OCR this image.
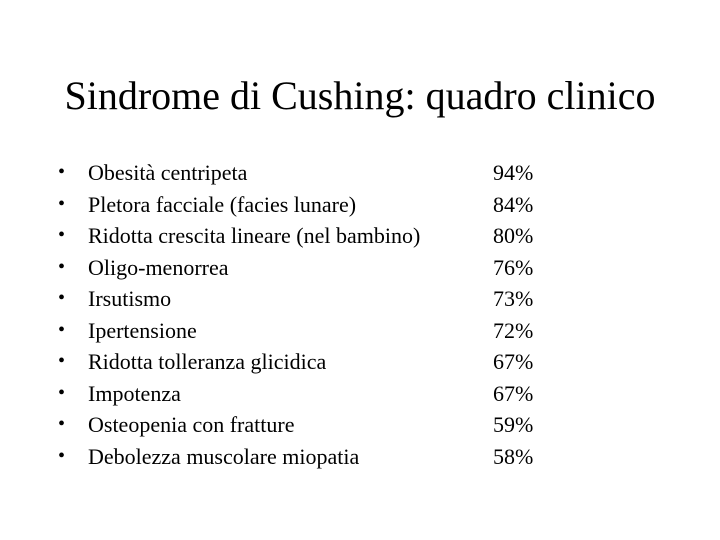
Sindrome di Cushing: quadro clinico
•	Obesità centripeta	94%
•	Pletora facciale (facies lunare)	84%
•	Ridotta crescita lineare (nel bambino)	80%
•	Oligo-menorrea	76%
•	Irsutismo	73%
•	Ipertensione	72%
•	Ridotta tolleranza glicidica	67%
•	Impotenza	67%
•	Osteopenia con fratture	59%
•	Debolezza muscolare miopatia	58%
